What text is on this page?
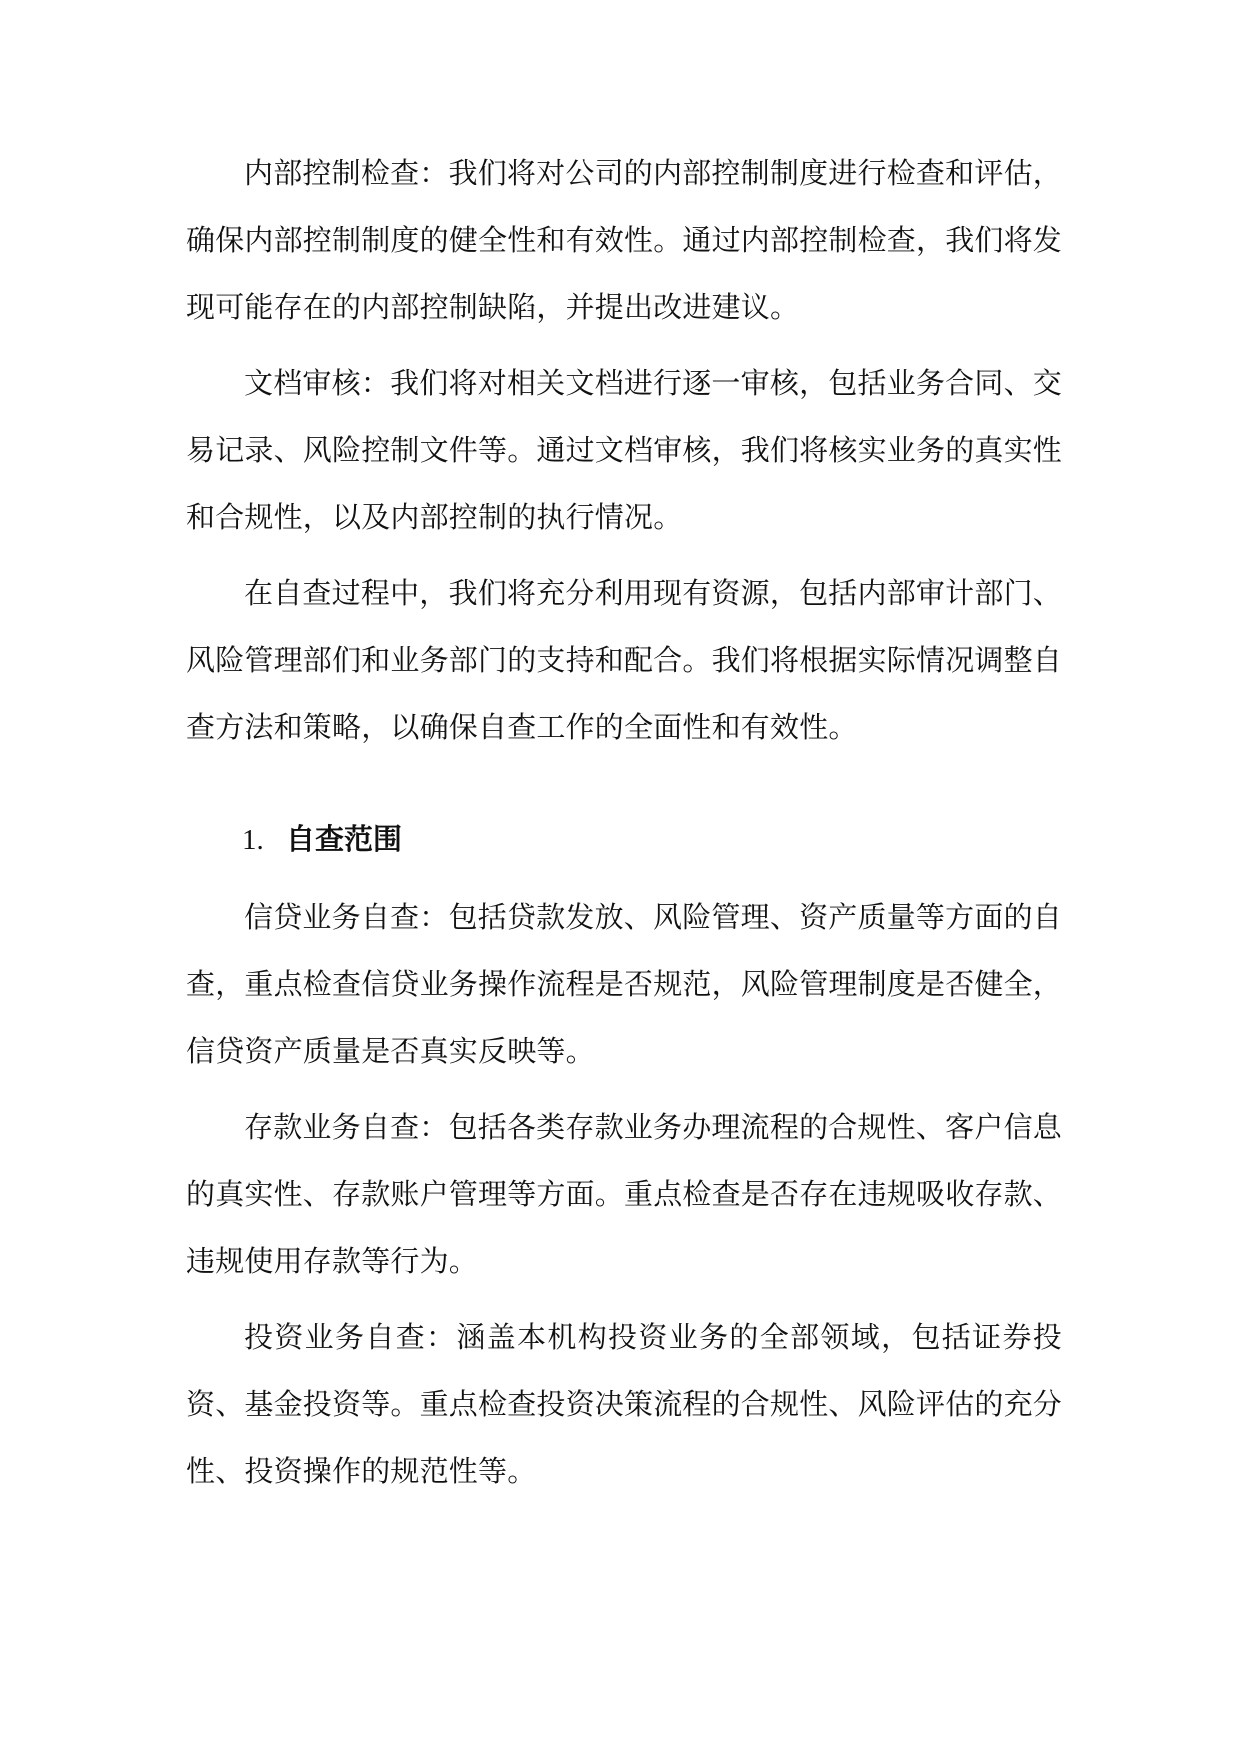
内部控制检查：我们将对公司的内部控制制度进行检查和评估，确保内部控制制度的健全性和有效性。通过内部控制检查，我们将发现可能存在的内部控制缺陷，并提出改进建议。

文档审核：我们将对相关文档进行逐一审核，包括业务合同、交易记录、风险控制文件等。通过文档审核，我们将核实业务的真实性和合规性，以及内部控制的执行情况。

在自查过程中，我们将充分利用现有资源，包括内部审计部门、风险管理部们和业务部门的支持和配合。我们将根据实际情况调整自查方法和策略，以确保自查工作的全面性和有效性。

1. 自查范围

信贷业务自查：包括贷款发放、风险管理、资产质量等方面的自查，重点检查信贷业务操作流程是否规范，风险管理制度是否健全，信贷资产质量是否真实反映等。

存款业务自查：包括各类存款业务办理流程的合规性、客户信息的真实性、存款账户管理等方面。重点检查是否存在违规吸收存款、违规使用存款等行为。

投资业务自查：涵盖本机构投资业务的全部领域，包括证券投资、基金投资等。重点检查投资决策流程的合规性、风险评估的充分性、投资操作的规范性等。
